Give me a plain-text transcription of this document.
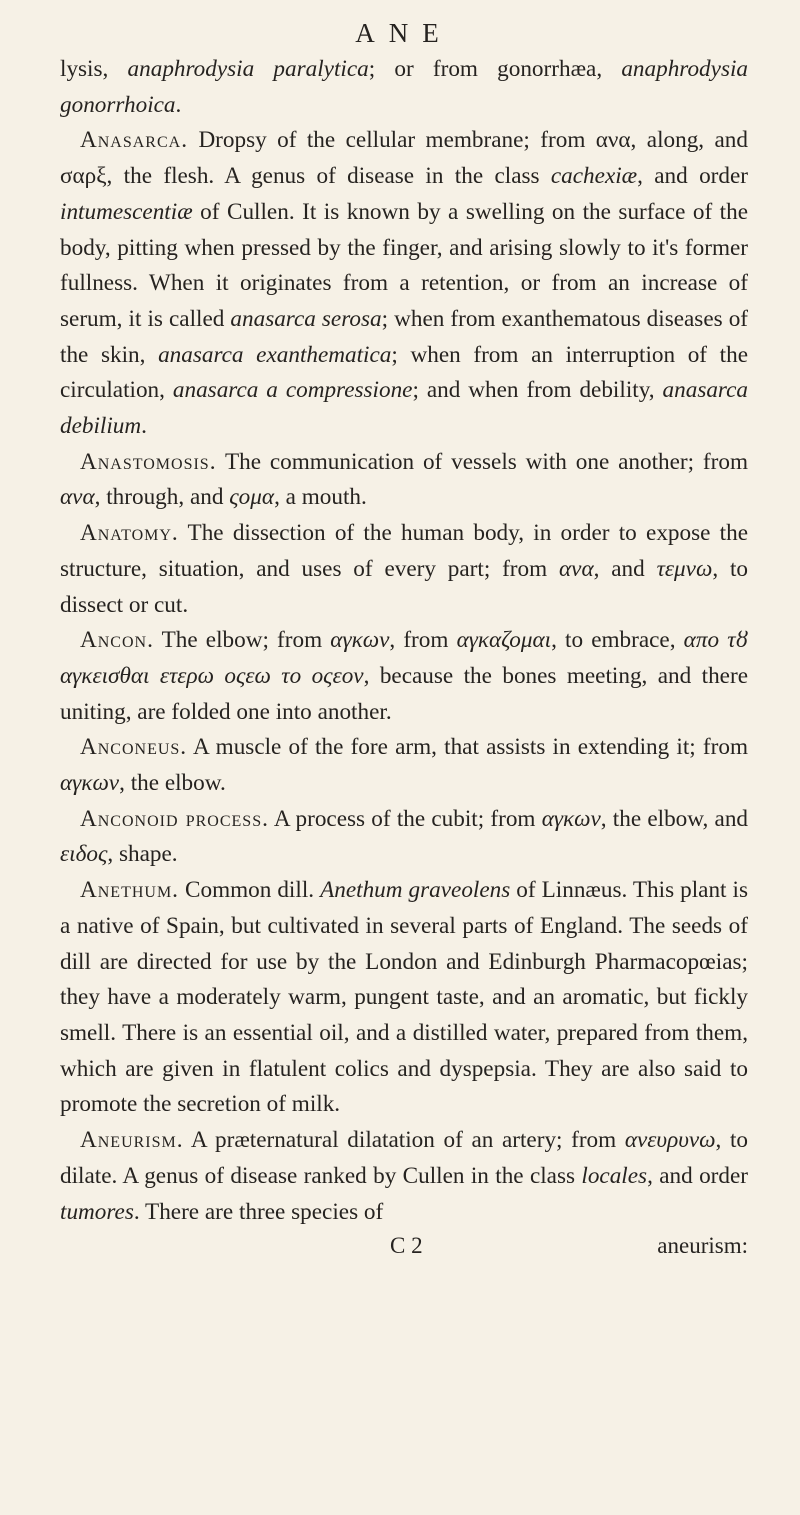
ANE

lysis, anaphrodysia paralytica; or from gonorrhæa, anaphrodysia gonorrhoica.

Anasarca. Dropsy of the cellular membrane; from ανα, along, and σαρξ, the flesh. A genus of disease in the class cachexiæ, and order intumescentiæ of Cullen. It is known by a swelling on the surface of the body, pitting when pressed by the finger, and arising slowly to it's former fullness. When it originates from a retention, or from an increase of serum, it is called anasarca serosa; when from exanthematous diseases of the skin, anasarca exanthematica; when from an interruption of the circulation, anasarca a compressione; and when from debility, anasarca debilium.

Anastomosis. The communication of vessels with one another; from ανα, through, and ςομα, a mouth.

Anatomy. The dissection of the human body, in order to expose the structure, situation, and uses of every part; from ανα, and τεμνω, to dissect or cut.

Ancon. The elbow; from αγκων, from αγκαζομαι, to embrace, απο τȣ αγκεισθαι ετερω οςεω το οςεον, because the bones meeting, and there uniting, are folded one into another.

Anconeus. A muscle of the fore arm, that assists in extending it; from αγκων, the elbow.

Anconoid process. A process of the cubit; from αγκων, the elbow, and ειδος, shape.

Anethum. Common dill. Anethum graveolens of Linnæus. This plant is a native of Spain, but cultivated in several parts of England. The seeds of dill are directed for use by the London and Edinburgh Pharmacopœias; they have a moderately warm, pungent taste, and an aromatic, but fickly smell. There is an essential oil, and a distilled water, prepared from them, which are given in flatulent colics and dyspepsia. They are also said to promote the secretion of milk.

Aneurism. A præternatural dilatation of an artery; from ανευρυνω, to dilate. A genus of disease ranked by Cullen in the class locales, and order tumores. There are three species of

C 2	aneurism:
